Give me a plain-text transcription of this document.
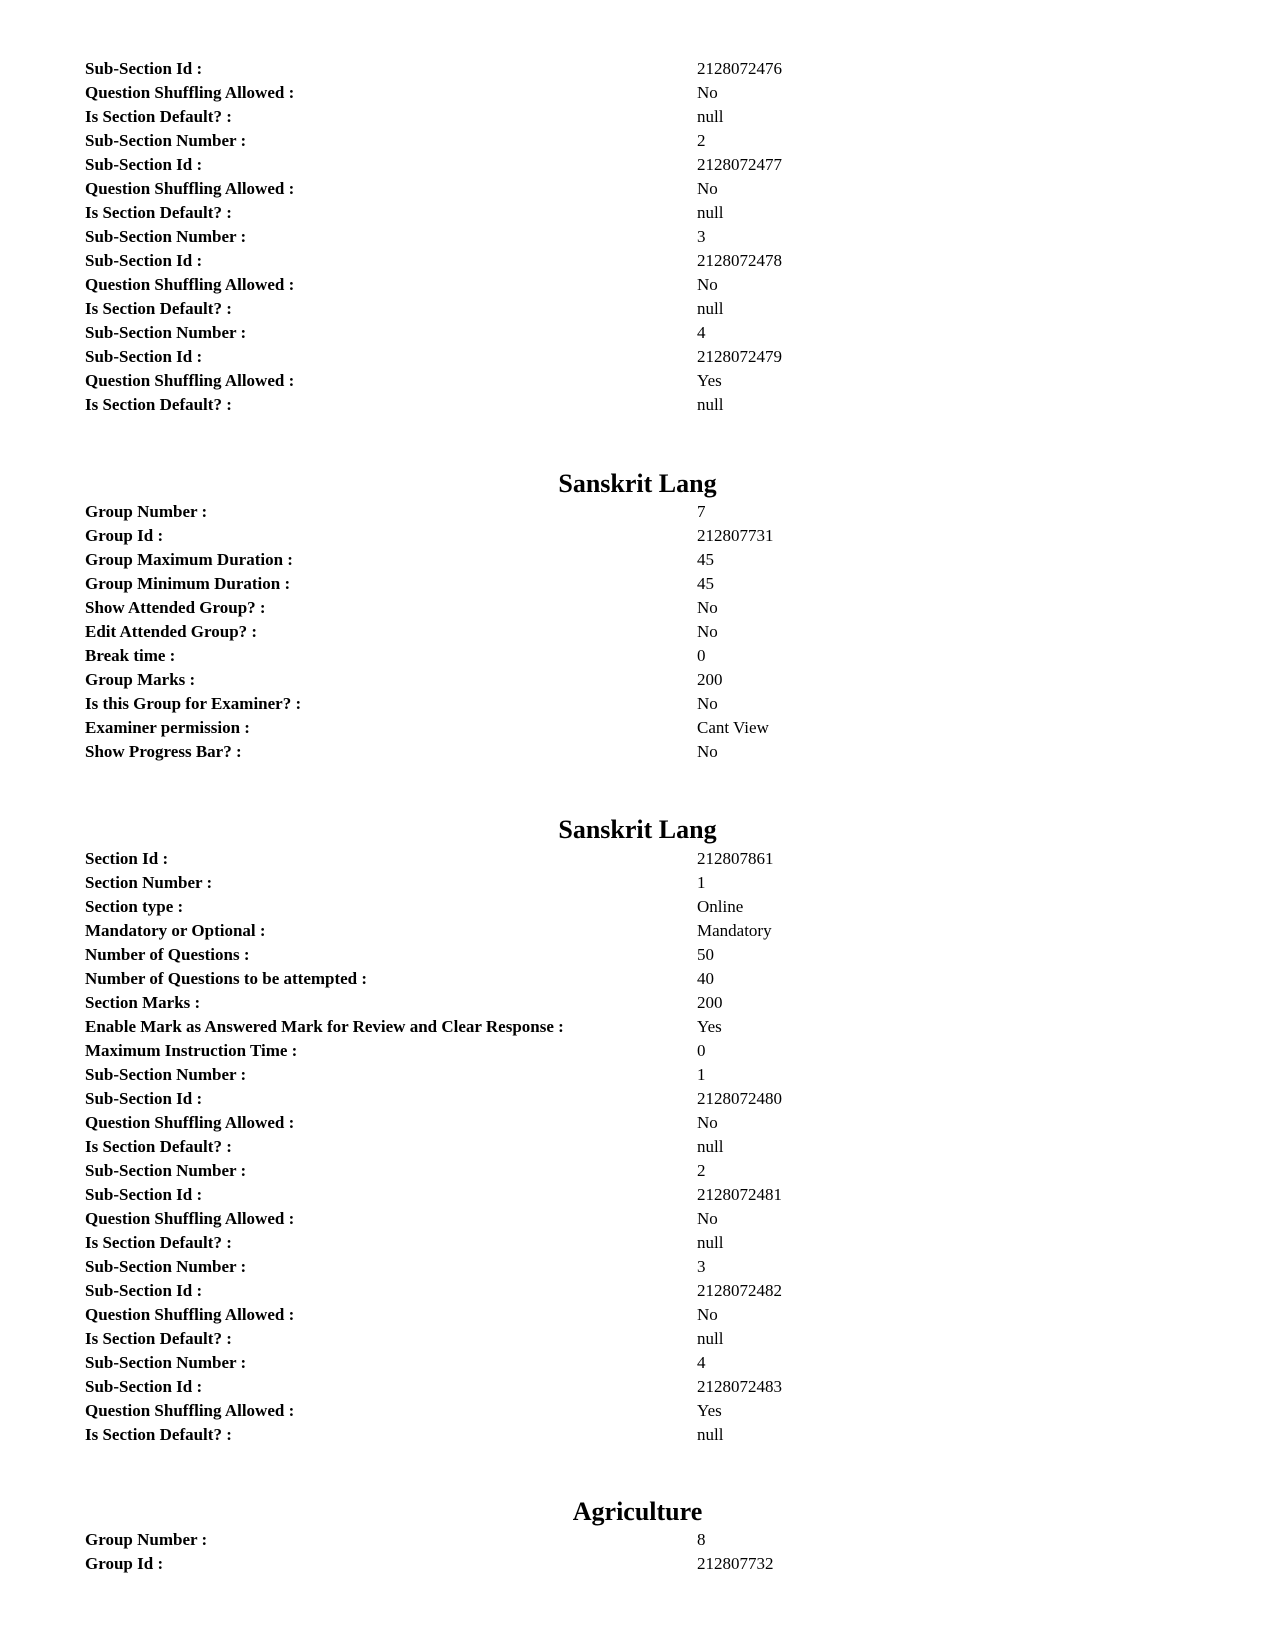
Sub-Section Id :	2128072476
Question Shuffling Allowed :	No
Is Section Default? :	null
Sub-Section Number :	2
Sub-Section Id :	2128072477
Question Shuffling Allowed :	No
Is Section Default? :	null
Sub-Section Number :	3
Sub-Section Id :	2128072478
Question Shuffling Allowed :	No
Is Section Default? :	null
Sub-Section Number :	4
Sub-Section Id :	2128072479
Question Shuffling Allowed :	Yes
Is Section Default? :	null
Sanskrit Lang
Group Number :	7
Group Id :	212807731
Group Maximum Duration :	45
Group Minimum Duration :	45
Show Attended Group? :	No
Edit Attended Group? :	No
Break time :	0
Group Marks :	200
Is this Group for Examiner? :	No
Examiner permission :	Cant View
Show Progress Bar? :	No
Sanskrit Lang
Section Id :	212807861
Section Number :	1
Section type :	Online
Mandatory or Optional :	Mandatory
Number of Questions :	50
Number of Questions to be attempted :	40
Section Marks :	200
Enable Mark as Answered Mark for Review and Clear Response :	Yes
Maximum Instruction Time :	0
Sub-Section Number :	1
Sub-Section Id :	2128072480
Question Shuffling Allowed :	No
Is Section Default? :	null
Sub-Section Number :	2
Sub-Section Id :	2128072481
Question Shuffling Allowed :	No
Is Section Default? :	null
Sub-Section Number :	3
Sub-Section Id :	2128072482
Question Shuffling Allowed :	No
Is Section Default? :	null
Sub-Section Number :	4
Sub-Section Id :	2128072483
Question Shuffling Allowed :	Yes
Is Section Default? :	null
Agriculture
Group Number :	8
Group Id :	212807732
